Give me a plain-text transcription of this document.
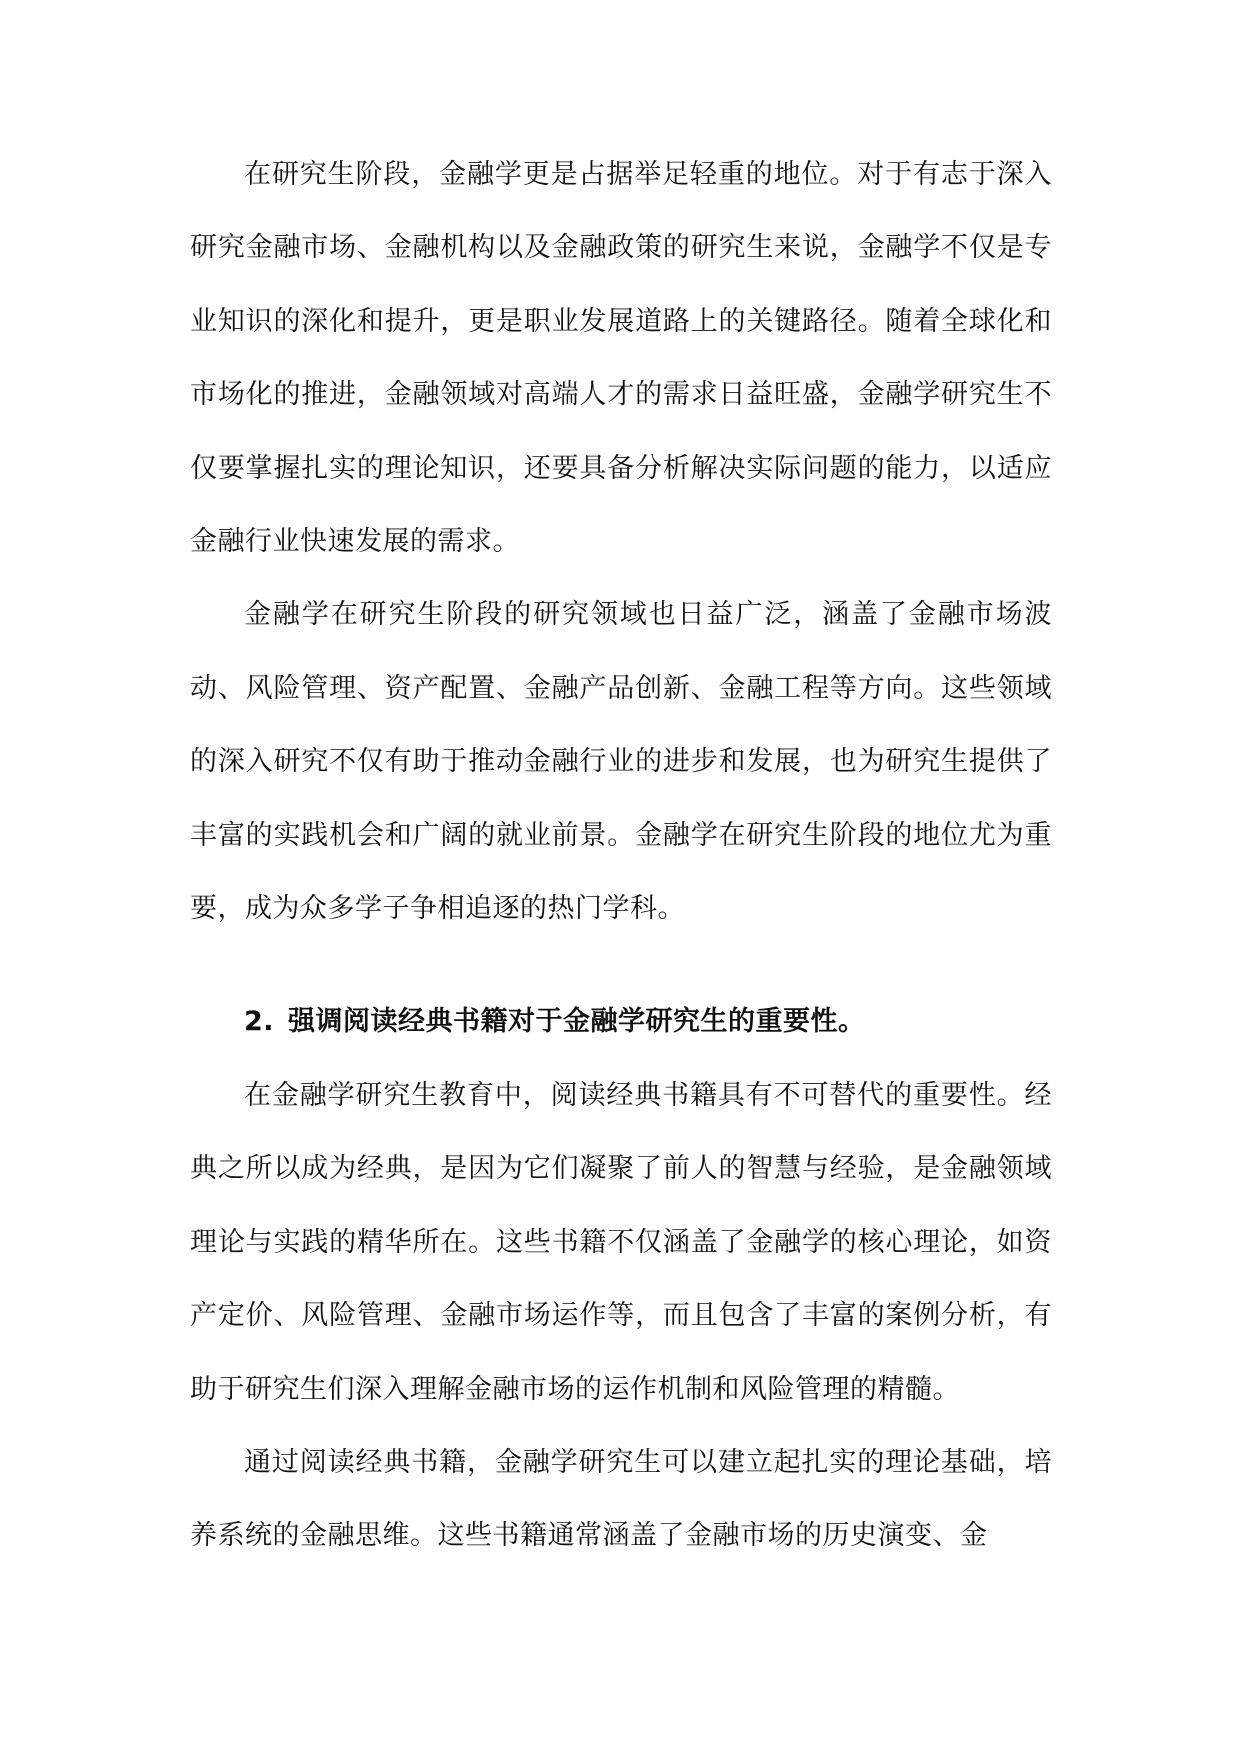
在研究生阶段，金融学更是占据举足轻重的地位。对于有志于深入研究金融市场、金融机构以及金融政策的研究生来说，金融学不仅是专业知识的深化和提升，更是职业发展道路上的关键路径。随着全球化和市场化的推进，金融领域对高端人才的需求日益旺盛，金融学研究生不仅要掌握扎实的理论知识，还要具备分析解决实际问题的能力，以适应金融行业快速发展的需求。

金融学在研究生阶段的研究领域也日益广泛，涵盖了金融市场波动、风险管理、资产配置、金融产品创新、金融工程等方向。这些领域的深入研究不仅有助于推动金融行业的进步和发展，也为研究生提供了丰富的实践机会和广阔的就业前景。金融学在研究生阶段的地位尤为重要，成为众多学子争相追逐的热门学科。

2. 强调阅读经典书籍对于金融学研究生的重要性。

在金融学研究生教育中，阅读经典书籍具有不可替代的重要性。经典之所以成为经典，是因为它们凝聚了前人的智慧与经验，是金融领域理论与实践的精华所在。这些书籍不仅涵盖了金融学的核心理论，如资产定价、风险管理、金融市场运作等，而且包含了丰富的案例分析，有助于研究生们深入理解金融市场的运作机制和风险管理的精髓。

通过阅读经典书籍，金融学研究生可以建立起扎实的理论基础，培养系统的金融思维。这些书籍通常涵盖了金融市场的历史演变、金
